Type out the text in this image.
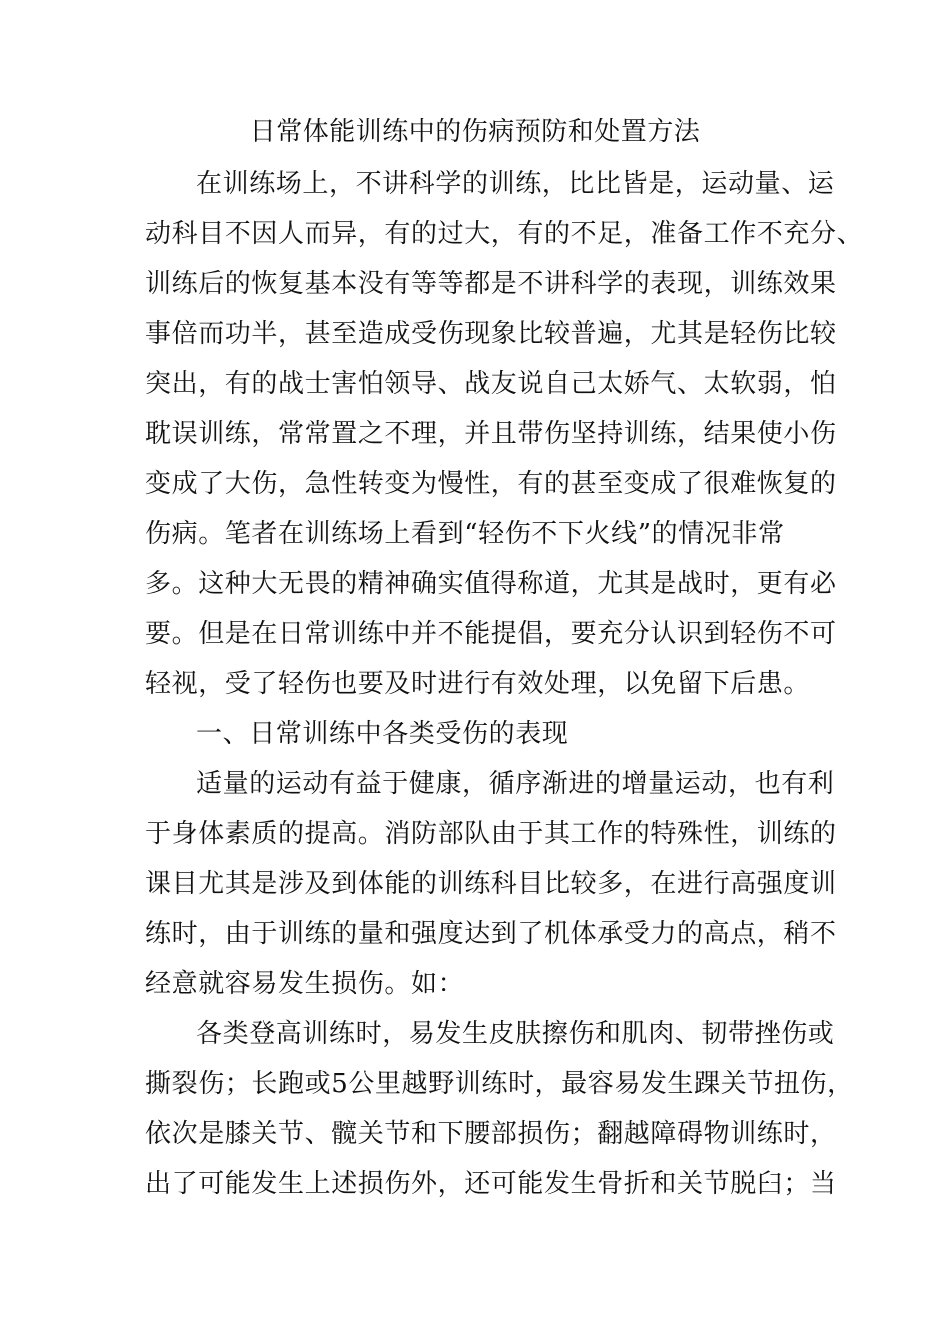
日常体能训练中的伤病预防和处置方法
在训练场上，不讲科学的训练，比比皆是，运动量、运
动科目不因人而异，有的过大，有的不足，准备工作不充分、
训练后的恢复基本没有等等都是不讲科学的表现，训练效果
事倍而功半，甚至造成受伤现象比较普遍，尤其是轻伤比较
突出，有的战士害怕领导、战友说自己太娇气、太软弱，怕
耽误训练，常常置之不理，并且带伤坚持训练，结果使小伤
变成了大伤，急性转变为慢性，有的甚至变成了很难恢复的
伤病。笔者在训练场上看到“轻伤不下火线”的情况非常
多。这种大无畏的精神确实值得称道，尤其是战时，更有必
要。但是在日常训练中并不能提倡，要充分认识到轻伤不可
轻视，受了轻伤也要及时进行有效处理，以免留下后患。
一、日常训练中各类受伤的表现
适量的运动有益于健康，循序渐进的增量运动，也有利
于身体素质的提高。消防部队由于其工作的特殊性，训练的
课目尤其是涉及到体能的训练科目比较多，在进行高强度训
练时，由于训练的量和强度达到了机体承受力的高点，稍不
经意就容易发生损伤。如：
各类登高训练时，易发生皮肤擦伤和肌肉、韧带挫伤或
撕裂伤；长跑或5公里越野训练时，最容易发生踝关节扭伤，
依次是膝关节、髋关节和下腰部损伤；翻越障碍物训练时，
出了可能发生上述损伤外，还可能发生骨折和关节脱臼；当
